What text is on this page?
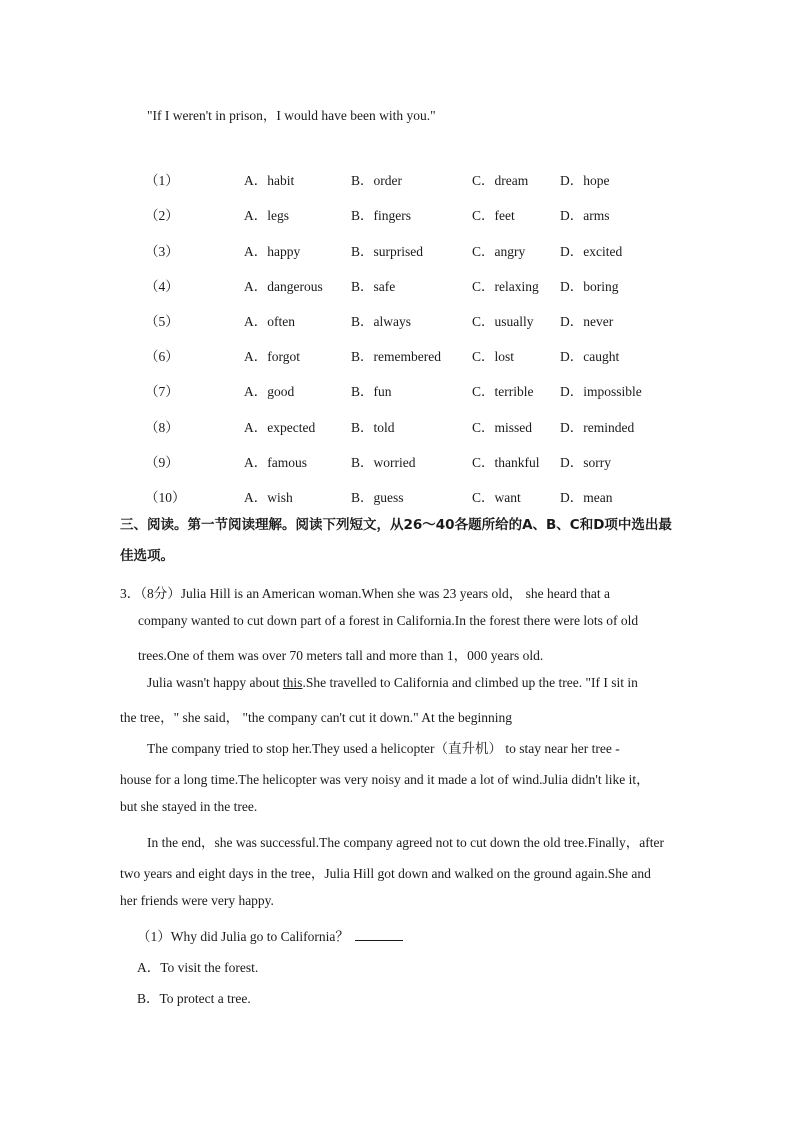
"If I weren't in prison，I would have been with you."
（1）	A．habit	B．order	C．dream D．hope
（2）	A．legs	B．fingers	C．feet	D．arms
（3）	A．happy	B．surprised	C．angry	D．excited
（4）	A．dangerous B．safe	C．relaxing D．boring
（5）	A．often	B．always	C．usually D．never
（6）	A．forgot	B．remembered C．lost	D．caught
（7）	A．good	B．fun	C．terrible D．impossible
（8）	A．expected	B．told	C．missed D．reminded
（9）	A．famous	B．worried	C．thankful D．sorry
（10）	A．wish	B．guess	C．want	D．mean
三、阅读。第一节阅读理解。阅读下列短文，从26～40各题所给的A、B、C和D项中选出最佳选项。
3．（8分）Julia Hill is an American woman.When she was 23 years old， she heard that a
company wanted to cut down part of a forest in California.In the forest there were lots of old
trees.One of them was over 70 meters tall and more than 1，000 years old.
Julia wasn't happy about this.She travelled to California and climbed up the tree. "If I sit in
the tree，" she said， "the company can't cut it down." At the beginning
The company tried to stop her.They used a helicopter（直升机） to stay near her tree -
house for a long time.The helicopter was very noisy and it made a lot of wind.Julia didn't like it，
but she stayed in the tree.
In the end，she was successful.The company agreed not to cut down the old tree.Finally，after
two years and eight days in the tree，Julia Hill got down and walked on the ground again.She and
her friends were very happy.
（1）Why did Julia go to California？
A．To visit the forest.
B．To protect a tree.
